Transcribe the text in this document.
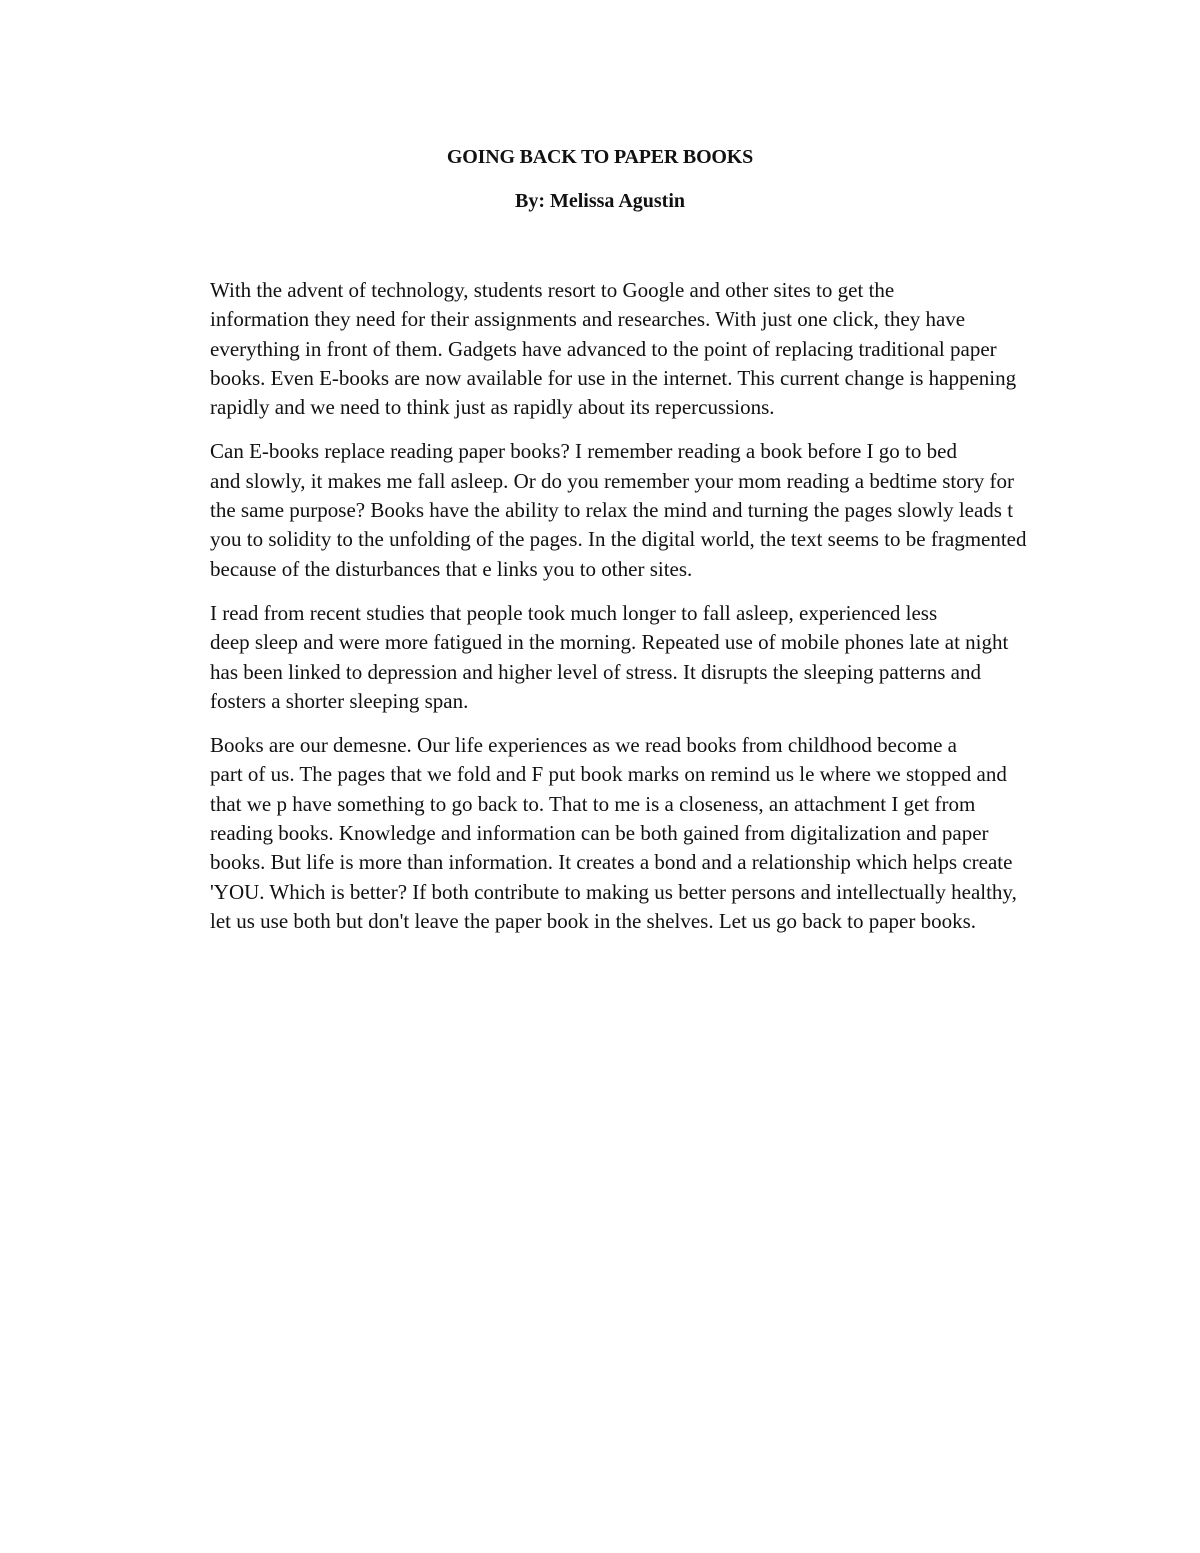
GOING BACK TO PAPER BOOKS
By: Melissa Agustin

With the advent of technology, students resort to Google and other sites to get the
information they need for their assignments and researches. With just one click, they have
everything in front of them. Gadgets have advanced to the point of replacing traditional paper
books. Even E-books are now available for use in the internet. This current change is happening
rapidly and we need to think just as rapidly about its repercussions.

Can E-books replace reading paper books? I remember reading a book before I go to bed
and slowly, it makes me fall asleep. Or do you remember your mom reading a bedtime story for
the same purpose? Books have the ability to relax the mind and turning the pages slowly leads t
you to solidity to the unfolding of the pages. In the digital world, the text seems to be fragmented
because of the disturbances that e links you to other sites.

I read from recent studies that people took much longer to fall asleep, experienced less
deep sleep and were more fatigued in the morning. Repeated use of mobile phones late at night
has been linked to depression and higher level of stress. It disrupts the sleeping patterns and
fosters a shorter sleeping span.

Books are our demesne. Our life experiences as we read books from childhood become a
part of us. The pages that we fold and F put book marks on remind us le where we stopped and
that we p have something to go back to. That to me is a closeness, an attachment I get from
reading books. Knowledge and information can be both gained from digitalization and paper
books. But life is more than information. It creates a bond and a relationship which helps create
'YOU. Which is better? If both contribute to making us better persons and intellectually healthy,
let us use both but don't leave the paper book in the shelves. Let us go back to paper books.
